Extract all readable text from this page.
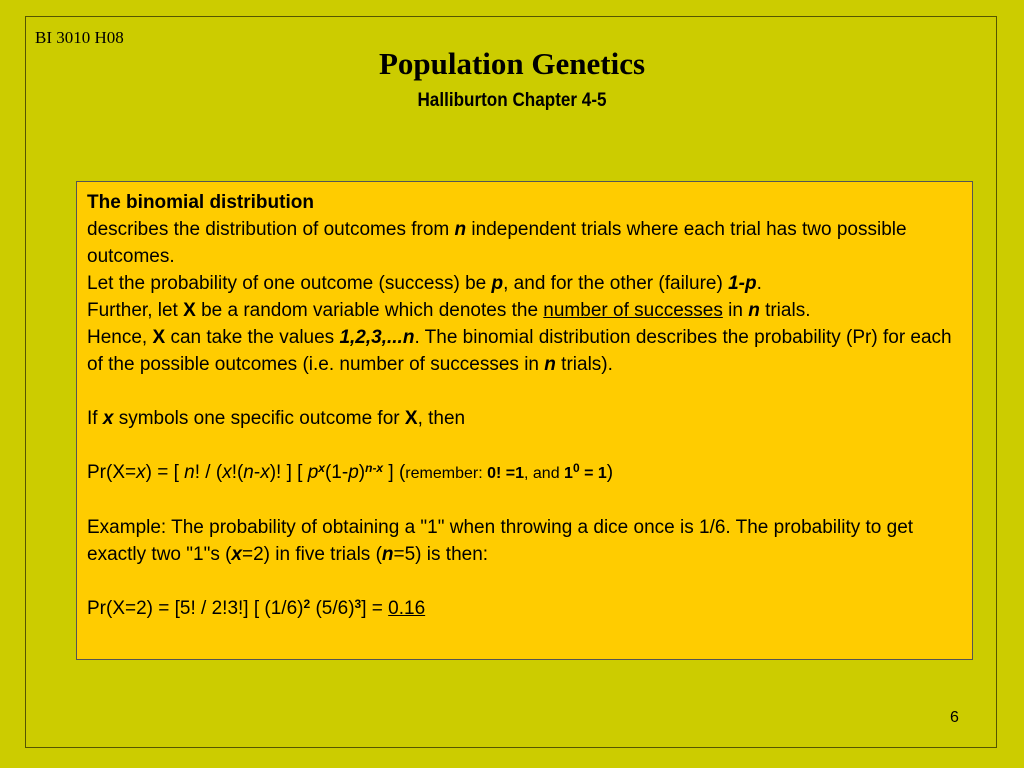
BI 3010 H08
Population Genetics
Halliburton Chapter 4-5

The binomial distribution

describes the distribution of outcomes from n independent trials where each trial has two possible outcomes.

Let the probability of one outcome (success) be p, and for the other (failure) 1-p.

Further, let X be a random variable which denotes the number of successes in n trials.

Hence, X can take the values 1,2,3,...n. The binomial distribution describes the probability (Pr) for each of the possible outcomes (i.e. number of successes in n trials).

If x symbols one specific outcome for X, then

Pr(X=x) = [ n! / (x!(n-x)! ] [ $p^x(1-p)^{n-x}$ ] (remember: 0! =1, and $1^0 = 1$)

Example: The probability of obtaining a "1" when throwing a dice once is 1/6. The probability to get exactly two "1"s (x=2) in five trials (n=5) is then:

Pr(X=2) = [5! / 2!3!] [ $(1/6)^2$ $(5/6)^3] = 0.16$

6
